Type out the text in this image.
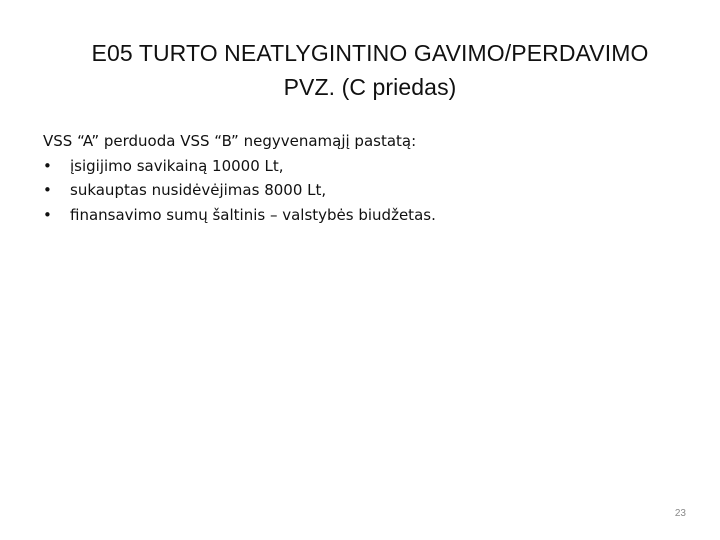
E05 TURTO NEATLYGINTINO GAVIMO/PERDAVIMO
PVZ. (C priedas)

VSS “A” perduoda VSS “B” negyvenamąjį pastatą:

•	įsigijimo savikainą 10000 Lt,
•	sukauptas nusidėvėjimas 8000 Lt,
•	finansavimo sumų šaltinis – valstybės biudžetas.
23
